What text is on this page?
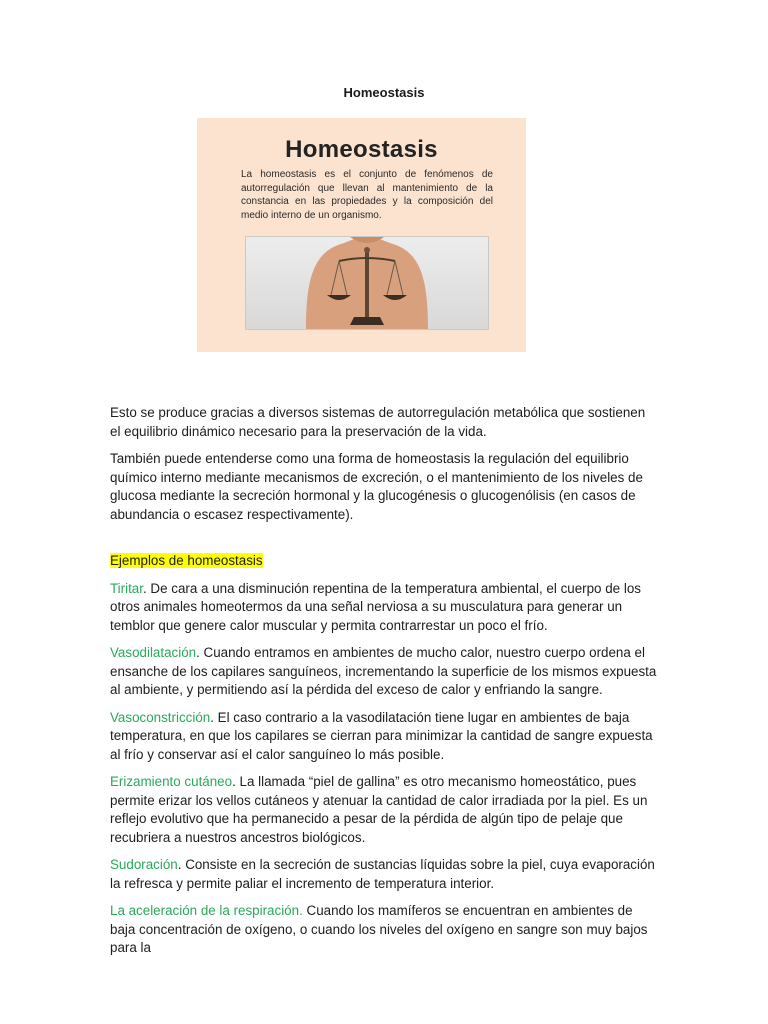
Homeostasis
Homeostasis
La homeostasis es el conjunto de fenómenos de autorregulación que llevan al mantenimiento de la constancia en las propiedades y la composición del medio interno de un organismo.

Esto se produce gracias a diversos sistemas de autorregulación metabólica que sostienen el equilibrio dinámico necesario para la preservación de la vida.

También puede entenderse como una forma de homeostasis la regulación del equilibrio químico interno mediante mecanismos de excreción, o el mantenimiento de los niveles de glucosa mediante la secreción hormonal y la glucogénesis o glucogenólisis (en casos de abundancia o escasez respectivamente).

Ejemplos de homeostasis

Tiritar. De cara a una disminución repentina de la temperatura ambiental, el cuerpo de los otros animales homeotermos da una señal nerviosa a su musculatura para generar un temblor que genere calor muscular y permita contrarrestar un poco el frío.

Vasodilatación. Cuando entramos en ambientes de mucho calor, nuestro cuerpo ordena el ensanche de los capilares sanguíneos, incrementando la superficie de los mismos expuesta al ambiente, y permitiendo así la pérdida del exceso de calor y enfriando la sangre.

Vasoconstricción. El caso contrario a la vasodilatación tiene lugar en ambientes de baja temperatura, en que los capilares se cierran para minimizar la cantidad de sangre expuesta al frío y conservar así el calor sanguíneo lo más posible.

Erizamiento cutáneo. La llamada “piel de gallina” es otro mecanismo homeostático, pues permite erizar los vellos cutáneos y atenuar la cantidad de calor irradiada por la piel. Es un reflejo evolutivo que ha permanecido a pesar de la pérdida de algún tipo de pelaje que recubriera a nuestros ancestros biológicos.

Sudoración. Consiste en la secreción de sustancias líquidas sobre la piel, cuya evaporación la refresca y permite paliar el incremento de temperatura interior.

La aceleración de la respiración. Cuando los mamíferos se encuentran en ambientes de baja concentración de oxígeno, o cuando los niveles del oxígeno en sangre son muy bajos para la
